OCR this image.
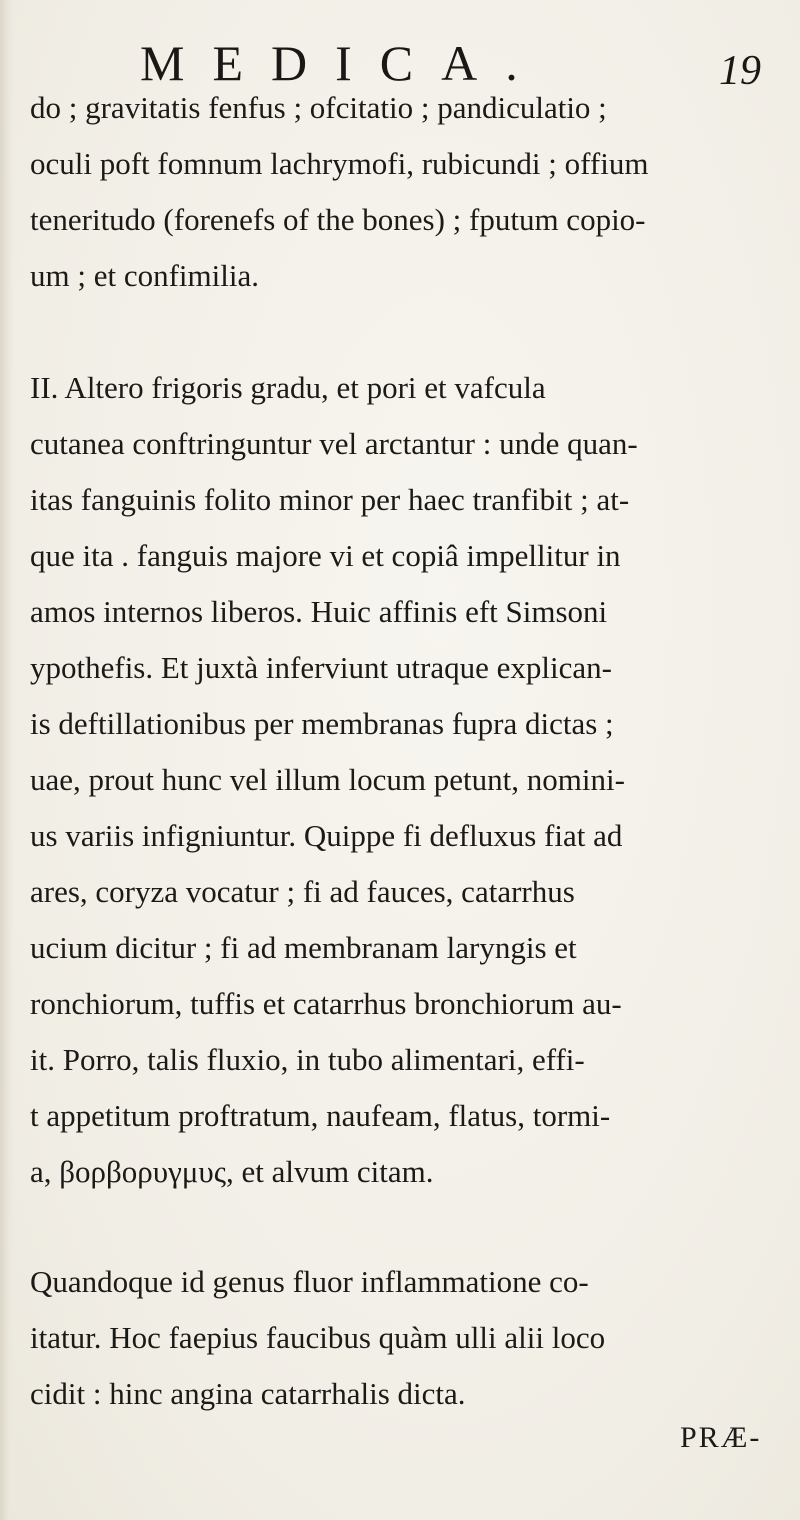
MEDICA.	19
do ; gravitatis fenfus ; ofcitatio ; pandiculatio ;
oculi poft fomnum lachrymofi, rubicundi ; offium
teneritudo (forenefs of the bones) ; fputum copio-
um ; et confimilia.
II. Altero frigoris gradu, et pori et vafcula
cutanea conftringuntur vel arctantur : unde quan-
itas fanguinis folito minor per haec tranfibit ; at-
que ita . fanguis majore vi et copiâ impellitur in
amos internos liberos. Huic affinis eft Simsoni
ypothefis. Et juxtà inferviunt utraque explican-
is deftillationibus per membranas fupra dictas ;
uae, prout hunc vel illum locum petunt, nomini-
us variis infigniuntur. Quippe fi defluxus fiat ad
ares, coryza vocatur ; fi ad fauces, catarrhus
ucium dicitur ; fi ad membranam laryngis et
ronchiorum, tuffis et catarrhus bronchiorum au-
it. Porro, talis fluxio, in tubo alimentari, effi-
t appetitum proftratum, naufeam, flatus, tormi-
a, βορβορυγμυς, et alvum citam.
Quandoque id genus fluor inflammatione co-
itatur. Hoc faepius faucibus quàm ulli alii loco
cidit : hinc angina catarrhalis dicta.
PRÆ-
